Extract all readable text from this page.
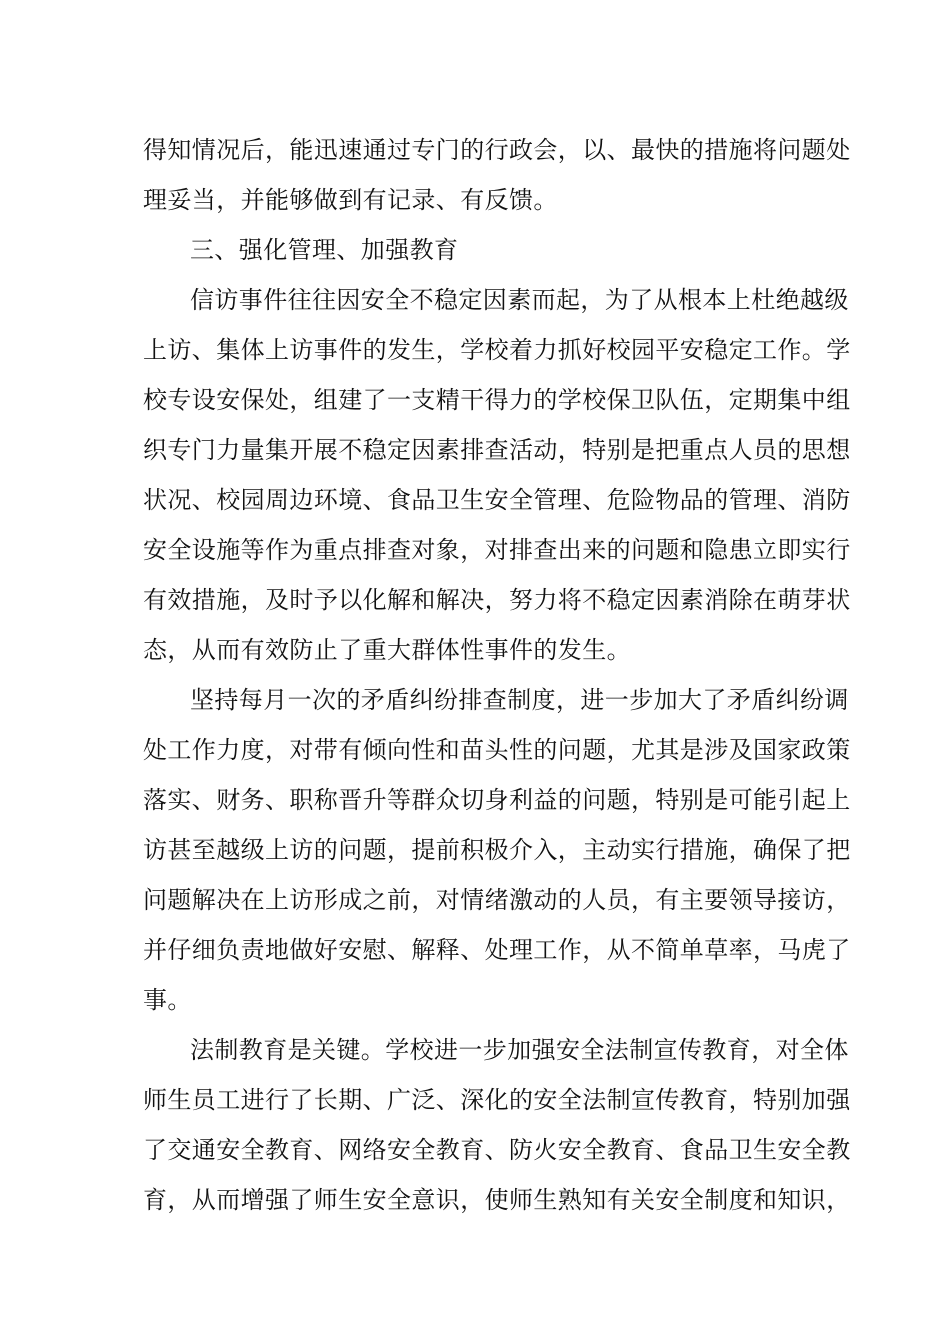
得知情况后，能迅速通过专门的行政会，以、最快的措施将问题处
理妥当，并能够做到有记录、有反馈。
三、强化管理、加强教育
信访事件往往因安全不稳定因素而起，为了从根本上杜绝越级
上访、集体上访事件的发生，学校着力抓好校园平安稳定工作。学
校专设安保处，组建了一支精干得力的学校保卫队伍，定期集中组
织专门力量集开展不稳定因素排查活动，特别是把重点人员的思想
状况、校园周边环境、食品卫生安全管理、危险物品的管理、消防
安全设施等作为重点排查对象，对排查出来的问题和隐患立即实行
有效措施，及时予以化解和解决，努力将不稳定因素消除在萌芽状
态，从而有效防止了重大群体性事件的发生。
坚持每月一次的矛盾纠纷排查制度，进一步加大了矛盾纠纷调
处工作力度，对带有倾向性和苗头性的问题，尤其是涉及国家政策
落实、财务、职称晋升等群众切身利益的问题，特别是可能引起上
访甚至越级上访的问题，提前积极介入，主动实行措施，确保了把
问题解决在上访形成之前，对情绪激动的人员，有主要领导接访，
并仔细负责地做好安慰、解释、处理工作，从不简单草率，马虎了
事。
法制教育是关键。学校进一步加强安全法制宣传教育，对全体
师生员工进行了长期、广泛、深化的安全法制宣传教育，特别加强
了交通安全教育、网络安全教育、防火安全教育、食品卫生安全教
育，从而增强了师生安全意识，使师生熟知有关安全制度和知识，
